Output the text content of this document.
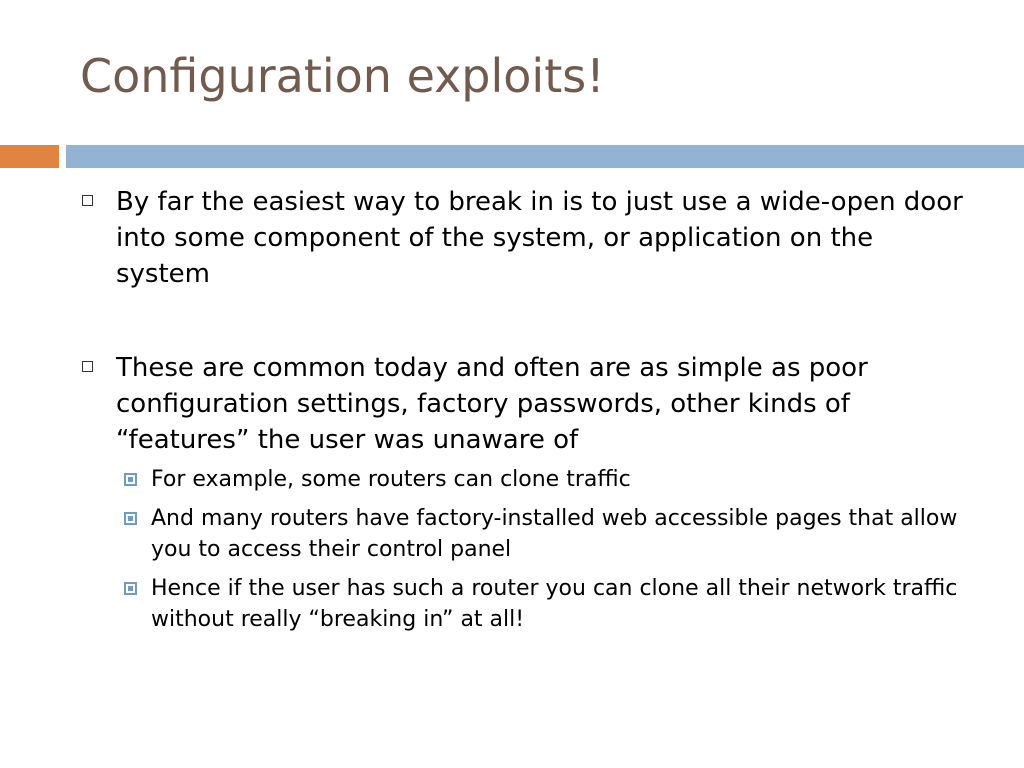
Configuration exploits!
By far the easiest way to break in is to just use a wide-open door into some component of the system, or application on the system
These are common today and often are as simple as poor configuration settings, factory passwords, other kinds of “features” the user was unaware of
For example, some routers can clone traffic
And many routers have factory-installed web accessible pages that allow you to access their control panel
Hence if the user has such a router you can clone all their network traffic without really “breaking in” at all!
